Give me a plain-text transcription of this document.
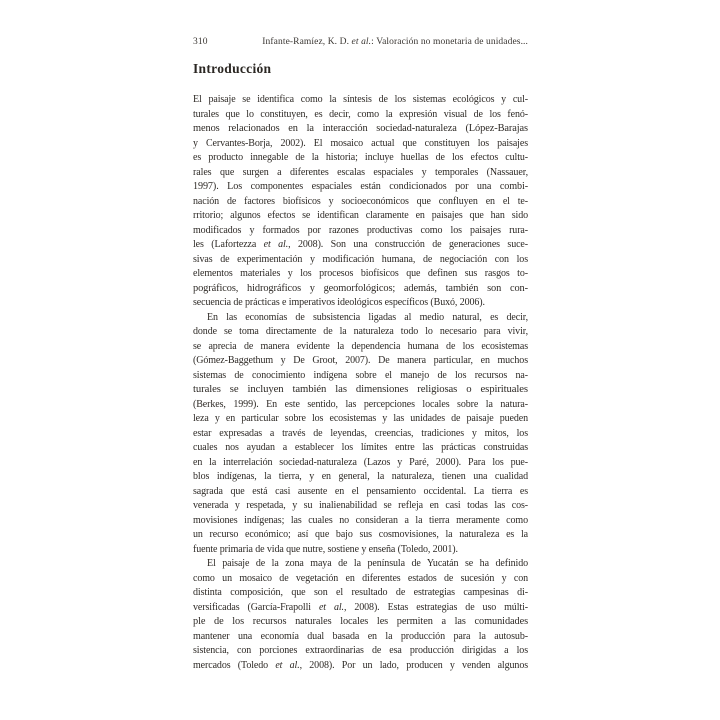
310	Infante-Ramíez, K. D. et al.: Valoración no monetaria de unidades...
Introducción
El paisaje se identifica como la síntesis de los sistemas ecológicos y cul-
turales que lo constituyen, es decir, como la expresión visual de los fenó-
menos relacionados en la interacción sociedad-naturaleza (López-Barajas
y Cervantes-Borja, 2002). El mosaico actual que constituyen los paisajes
es producto innegable de la historia; incluye huellas de los efectos cultu-
rales que surgen a diferentes escalas espaciales y temporales (Nassauer,
1997). Los componentes espaciales están condicionados por una combi-
nación de factores biofísicos y socioeconómicos que confluyen en el te-
rritorio; algunos efectos se identifican claramente en paisajes que han sido
modificados y formados por razones productivas como los paisajes rura-
les (Lafortezza et al., 2008). Son una construcción de generaciones suce-
sivas de experimentación y modificación humana, de negociación con los
elementos materiales y los procesos biofísicos que definen sus rasgos to-
pográficos, hidrográficos y geomorfológicos; además, también son con-
secuencia de prácticas e imperativos ideológicos específicos (Buxó, 2006).
En las economías de subsistencia ligadas al medio natural, es decir,
donde se toma directamente de la naturaleza todo lo necesario para vivir,
se aprecia de manera evidente la dependencia humana de los ecosistemas
(Gómez-Baggethum y De Groot, 2007). De manera particular, en muchos
sistemas de conocimiento indígena sobre el manejo de los recursos na-
turales se incluyen también las dimensiones religiosas o espirituales
(Berkes, 1999). En este sentido, las percepciones locales sobre la natura-
leza y en particular sobre los ecosistemas y las unidades de paisaje pueden
estar expresadas a través de leyendas, creencias, tradiciones y mitos, los
cuales nos ayudan a establecer los límites entre las prácticas construidas
en la interrelación sociedad-naturaleza (Lazos y Paré, 2000). Para los pue-
blos indígenas, la tierra, y en general, la naturaleza, tienen una cualidad
sagrada que está casi ausente en el pensamiento occidental. La tierra es
venerada y respetada, y su inalienabilidad se refleja en casi todas las cos-
movisiones indígenas; las cuales no consideran a la tierra meramente como
un recurso económico; así que bajo sus cosmovisiones, la naturaleza es la
fuente primaria de vida que nutre, sostiene y enseña (Toledo, 2001).
El paisaje de la zona maya de la península de Yucatán se ha definido
como un mosaico de vegetación en diferentes estados de sucesión y con
distinta composición, que son el resultado de estrategias campesinas di-
versificadas (García-Frapolli et al., 2008). Estas estrategias de uso múlti-
ple de los recursos naturales locales les permiten a las comunidades
mantener una economía dual basada en la producción para la autosub-
sistencia, con porciones extraordinarias de esa producción dirigidas a los
mercados (Toledo et al., 2008). Por un lado, producen y venden algunos
